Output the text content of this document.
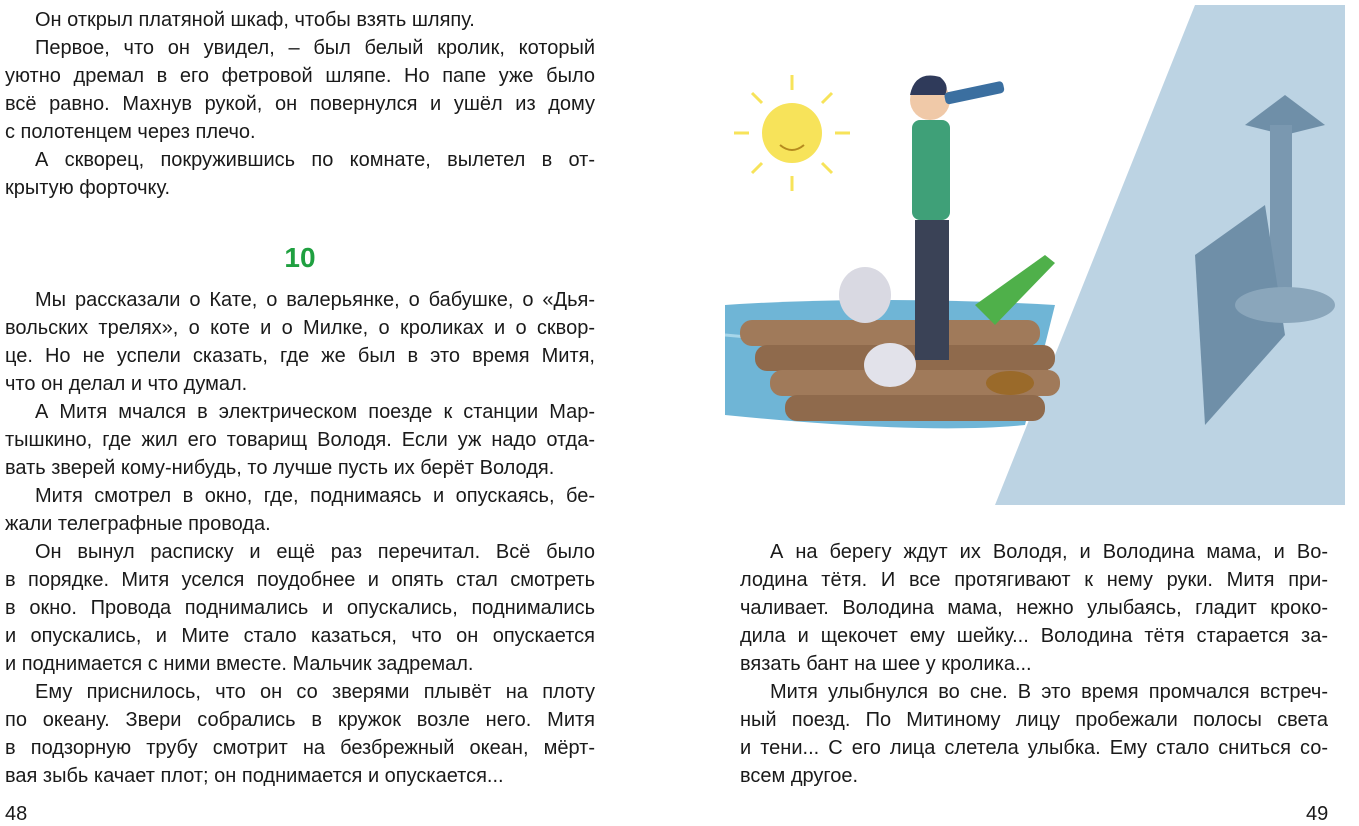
Он открыл платяной шкаф, чтобы взять шляпу.
Первое, что он увидел, – был белый кролик, который
уютно дремал в его фетровой шляпе. Но папе уже было
всё равно. Махнув рукой, он повернулся и ушёл из дому
с полотенцем через плечо.
А скворец, покружившись по комнате, вылетел в от-
крытую форточку.
10
Мы рассказали о Кате, о валерьянке, о бабушке, о «Дья-
вольских трелях», о коте и о Милке, о кроликах и о сквор-
це. Но не успели сказать, где же был в это время Митя,
что он делал и что думал.
А Митя мчался в электрическом поезде к станции Мар-
тышкино, где жил его товарищ Володя. Если уж надо отда-
вать зверей кому-нибудь, то лучше пусть их берёт Володя.
Митя смотрел в окно, где, поднимаясь и опускаясь, бе-
жали телеграфные провода.
Он вынул расписку и ещё раз перечитал. Всё было
в порядке. Митя уселся поудобнее и опять стал смотреть
в окно. Провода поднимались и опускались, поднимались
и опускались, и Мите стало казаться, что он опускается
и поднимается с ними вместе. Мальчик задремал.
Ему приснилось, что он со зверями плывёт на плоту
по океану. Звери собрались в кружок возле него. Митя
в подзорную трубу смотрит на безбрежный океан, мёрт-
вая зыбь качает плот; он поднимается и опускается...
А на берегу ждут их Володя, и Володина мама, и Во-
лодина тётя. И все протягивают к нему руки. Митя при-
чаливает. Володина мама, нежно улыбаясь, гладит кроко-
дила и щекочет ему шейку... Володина тётя старается за-
вязать бант на шее у кролика...
Митя улыбнулся во сне. В это время промчался встреч-
ный поезд. По Митиному лицу пробежали полосы света
и тени... С его лица слетела улыбка. Ему стало сниться со-
всем другое.
48	49
